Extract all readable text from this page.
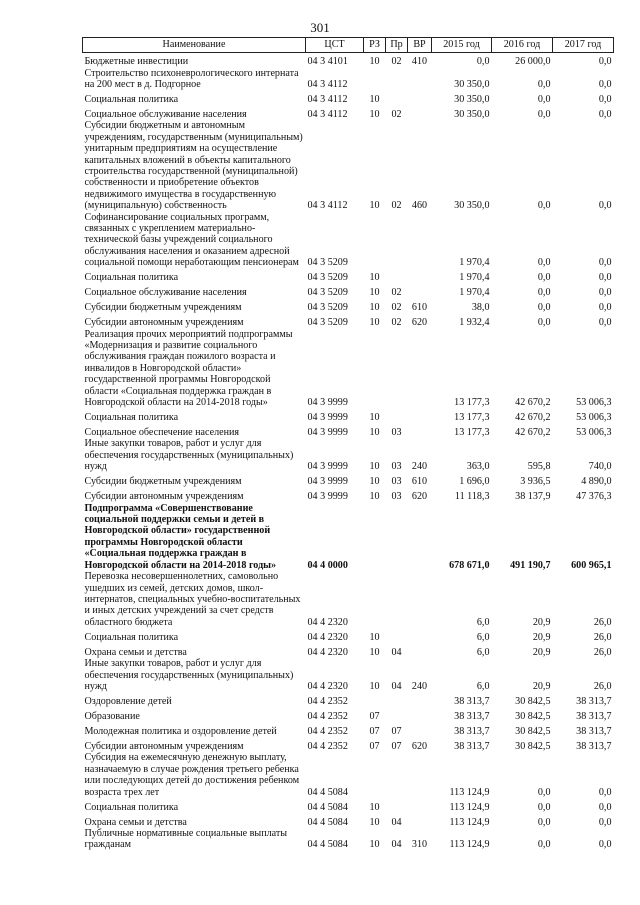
301
Наименование	ЦСТ	РЗ	Пр	ВР	2015 год	2016 год	2017 год
Бюджетные инвестиции	04 3 4101	10	02	410	0,0	26 000,0	0,0
Строительство психоневрологического интерната на 200 мест в д. Подгорное	04 3 4112				30 350,0	0,0	0,0
Социальная политика	04 3 4112	10			30 350,0	0,0	0,0
Социальное обслуживание населения	04 3 4112	10	02		30 350,0	0,0	0,0
Субсидии бюджетным и автономным учреждениям, государственным (муниципальным) унитарным предприятиям на осуществление капитальных вложений в объекты капитального строительства государственной (муниципальной) собственности и приобретение объектов недвижимого имущества в государственную (муниципальную) собственность	04 3 4112	10	02	460	30 350,0	0,0	0,0
Софинансирование социальных программ, связанных с укреплением материально-технической базы учреждений социального обслуживания населения и оказанием адресной социальной помощи неработающим пенсионерам	04 3 5209				1 970,4	0,0	0,0
Социальная политика	04 3 5209	10			1 970,4	0,0	0,0
Социальное обслуживание населения	04 3 5209	10	02		1 970,4	0,0	0,0
Субсидии бюджетным учреждениям	04 3 5209	10	02	610	38,0	0,0	0,0
Субсидии автономным учреждениям	04 3 5209	10	02	620	1 932,4	0,0	0,0
Реализация прочих мероприятий подпрограммы «Модернизация и развитие социального обслуживания граждан пожилого возраста и инвалидов в Новгородской области» государственной программы Новгородской области «Социальная поддержка граждан в Новгородской области на 2014-2018 годы»	04 3 9999				13 177,3	42 670,2	53 006,3
Социальная политика	04 3 9999	10			13 177,3	42 670,2	53 006,3
Социальное обеспечение населения	04 3 9999	10	03		13 177,3	42 670,2	53 006,3
Иные закупки товаров, работ и услуг для обеспечения государственных (муниципальных) нужд	04 3 9999	10	03	240	363,0	595,8	740,0
Субсидии бюджетным учреждениям	04 3 9999	10	03	610	1 696,0	3 936,5	4 890,0
Субсидии автономным учреждениям	04 3 9999	10	03	620	11 118,3	38 137,9	47 376,3
Подпрограмма «Совершенствование социальной поддержки семьи и детей в Новгородской области» государственной программы Новгородской области «Социальная поддержка граждан в Новгородской области на 2014-2018 годы»	04 4 0000				678 671,0	491 190,7	600 965,1
Перевозка несовершеннолетних, самовольно ушедших из семей, детских домов, школ-интернатов, специальных учебно-воспитательных и иных детских учреждений за счет средств областного бюджета	04 4 2320				6,0	20,9	26,0
Социальная политика	04 4 2320	10			6,0	20,9	26,0
Охрана семьи и детства	04 4 2320	10	04		6,0	20,9	26,0
Иные закупки товаров, работ и услуг для обеспечения государственных (муниципальных) нужд	04 4 2320	10	04	240	6,0	20,9	26,0
Оздоровление детей	04 4 2352				38 313,7	30 842,5	38 313,7
Образование	04 4 2352	07			38 313,7	30 842,5	38 313,7
Молодежная политика и оздоровление детей	04 4 2352	07	07		38 313,7	30 842,5	38 313,7
Субсидии автономным учреждениям	04 4 2352	07	07	620	38 313,7	30 842,5	38 313,7
Субсидия на ежемесячную денежную выплату, назначаемую в случае рождения третьего ребенка или последующих детей до достижения ребенком возраста трех лет	04 4 5084				113 124,9	0,0	0,0
Социальная политика	04 4 5084	10			113 124,9	0,0	0,0
Охрана семьи и детства	04 4 5084	10	04		113 124,9	0,0	0,0
Публичные нормативные социальные выплаты гражданам	04 4 5084	10	04	310	113 124,9	0,0	0,0
